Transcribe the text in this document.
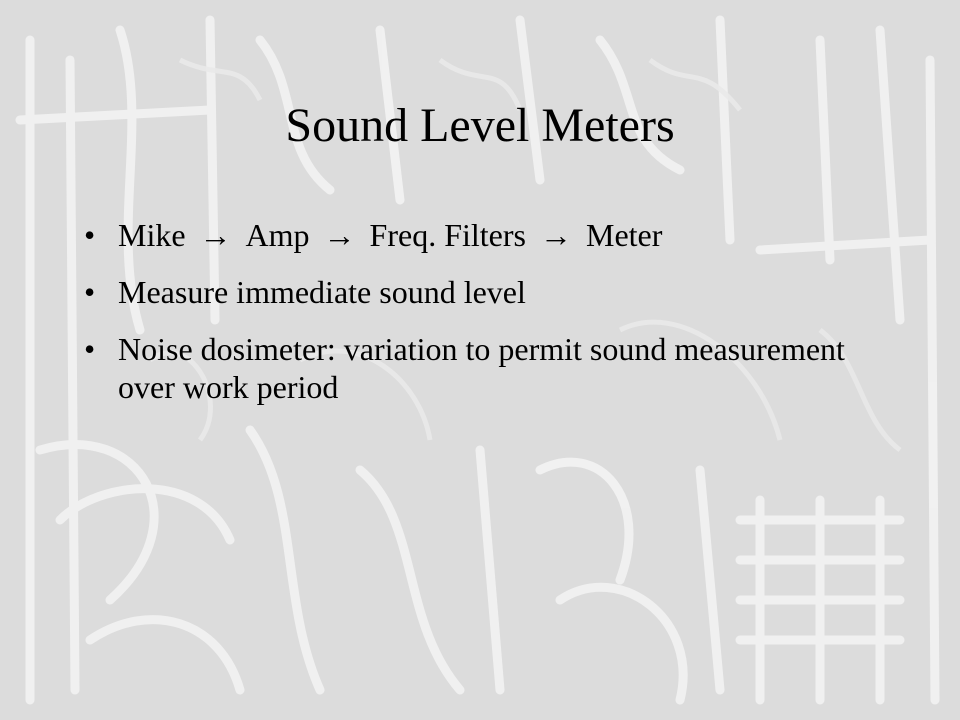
Sound Level Meters
• Mike → Amp → Freq. Filters → Meter
• Measure immediate sound level
• Noise dosimeter: variation to permit sound measurement over work period
